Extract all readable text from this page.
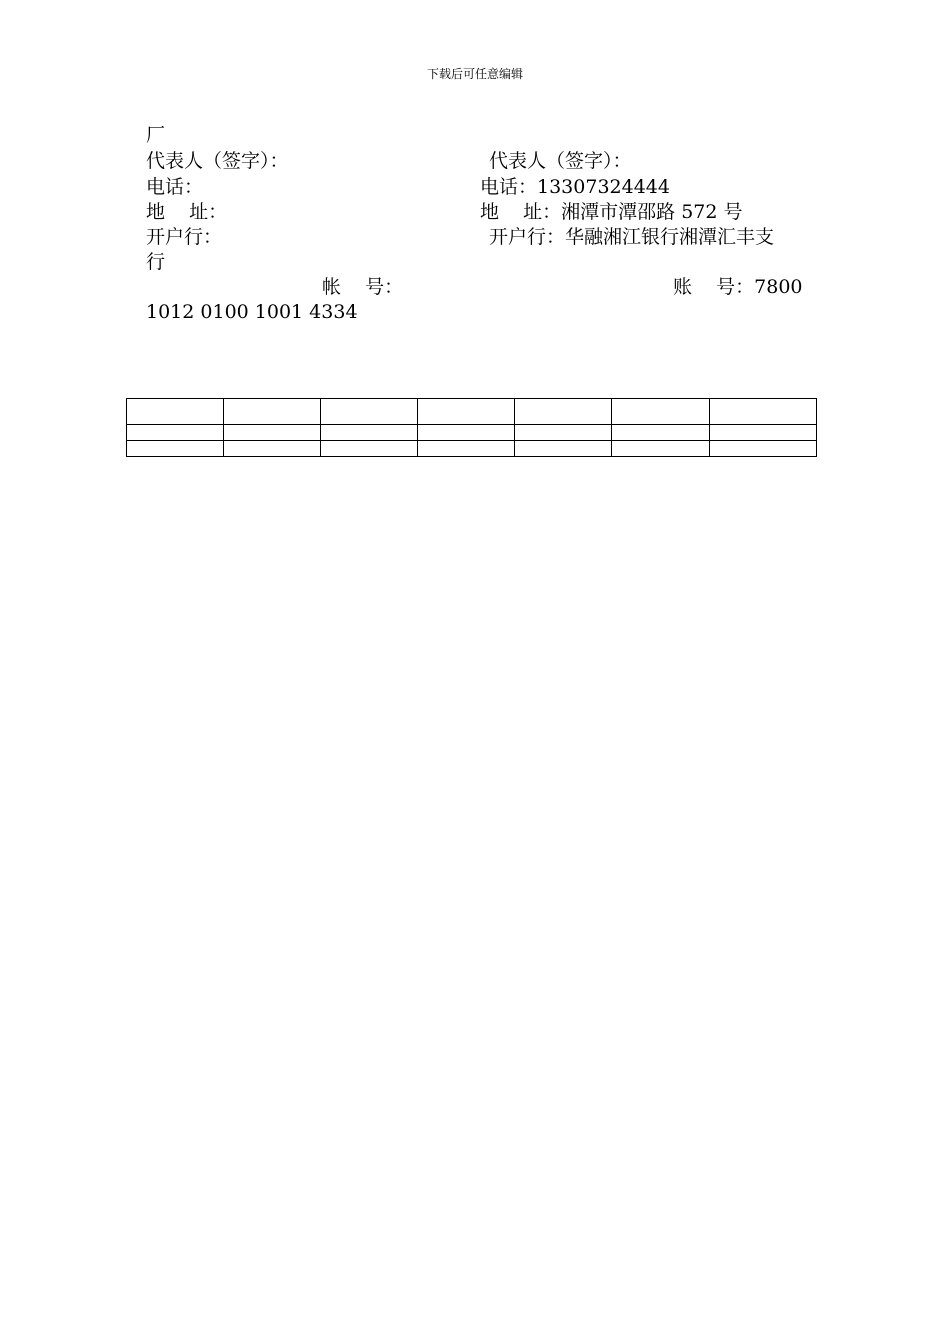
下载后可任意编辑
厂
代表人（签字）：	代表人（签字）：
电话：	电话：13307324444
地    址：	地    址：湘潭市潭邵路 572 号
开户行：	开户行：华融湘江银行湘潭汇丰支
行
帐    号：	账    号：7800
1012 0100 1001 4334
